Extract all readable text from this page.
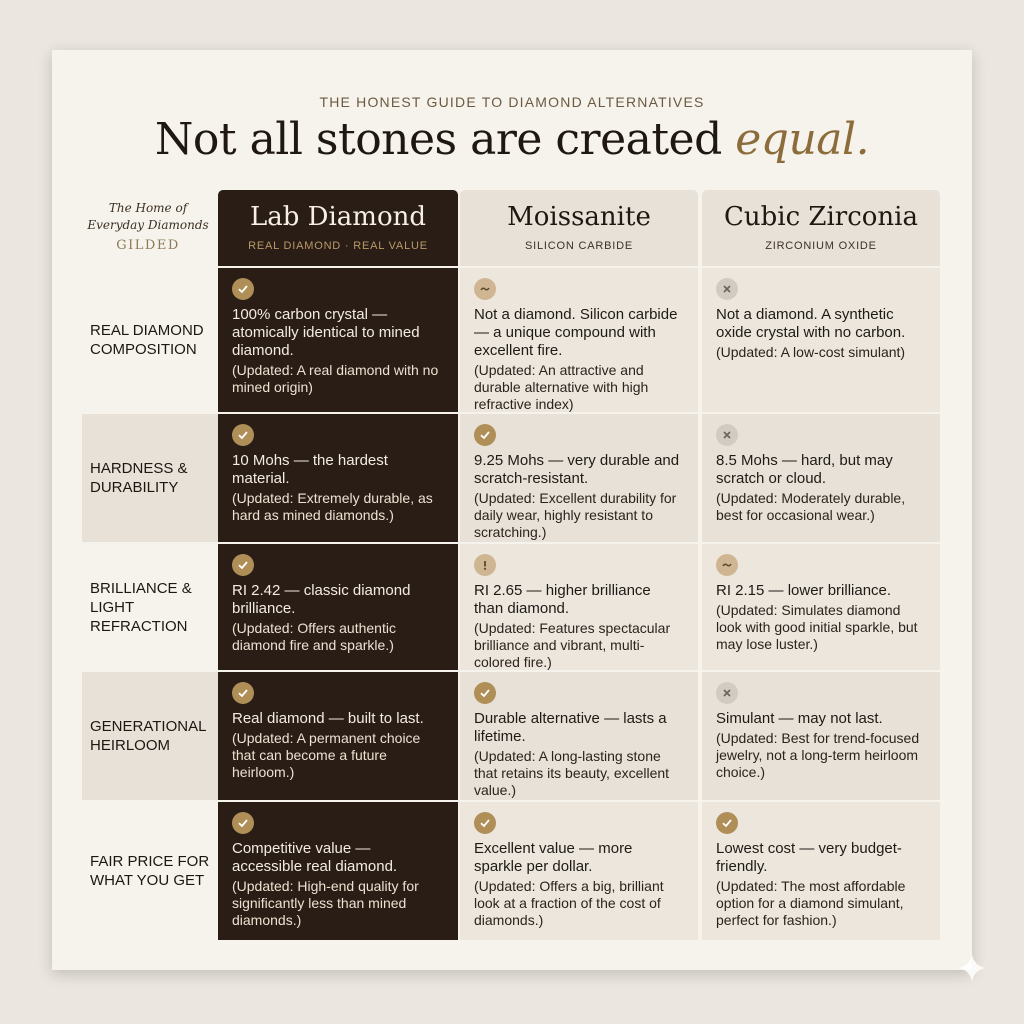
THE HONEST GUIDE TO DIAMOND ALTERNATIVES
Not all stones are created equal.
The Home of
Everyday Diamonds
GILDED
Lab Diamond
REAL DIAMOND · REAL VALUE
Moissanite
SILICON CARBIDE
Cubic Zirconia
ZIRCONIUM OXIDE
REAL DIAMOND COMPOSITION
100% carbon crystal — atomically identical to mined diamond.
(Updated: A real diamond with no mined origin)
Not a diamond. Silicon carbide — a unique compound with excellent fire.
(Updated: An attractive and durable alternative with high refractive index)
Not a diamond. A synthetic oxide crystal with no carbon.
(Updated: A low-cost simulant)
HARDNESS & DURABILITY
10 Mohs — the hardest material.
(Updated: Extremely durable, as hard as mined diamonds.)
9.25 Mohs — very durable and scratch-resistant.
(Updated: Excellent durability for daily wear, highly resistant to scratching.)
8.5 Mohs — hard, but may scratch or cloud.
(Updated: Moderately durable, best for occasional wear.)
BRILLIANCE & LIGHT REFRACTION
RI 2.42 — classic diamond brilliance.
(Updated: Offers authentic diamond fire and sparkle.)
RI 2.65 — higher brilliance than diamond.
(Updated: Features spectacular brilliance and vibrant, multi-colored fire.)
RI 2.15 — lower brilliance.
(Updated: Simulates diamond look with good initial sparkle, but may lose luster.)
GENERATIONAL HEIRLOOM
Real diamond — built to last.
(Updated: A permanent choice that can become a future heirloom.)
Durable alternative — lasts a lifetime.
(Updated: A long-lasting stone that retains its beauty, excellent value.)
Simulant — may not last.
(Updated: Best for trend-focused jewelry, not a long-term heirloom choice.)
FAIR PRICE FOR WHAT YOU GET
Competitive value — accessible real diamond.
(Updated: High-end quality for significantly less than mined diamonds.)
Excellent value — more sparkle per dollar.
(Updated: Offers a big, brilliant look at a fraction of the cost of diamonds.)
Lowest cost — very budget-friendly.
(Updated: The most affordable option for a diamond simulant, perfect for fashion.)
